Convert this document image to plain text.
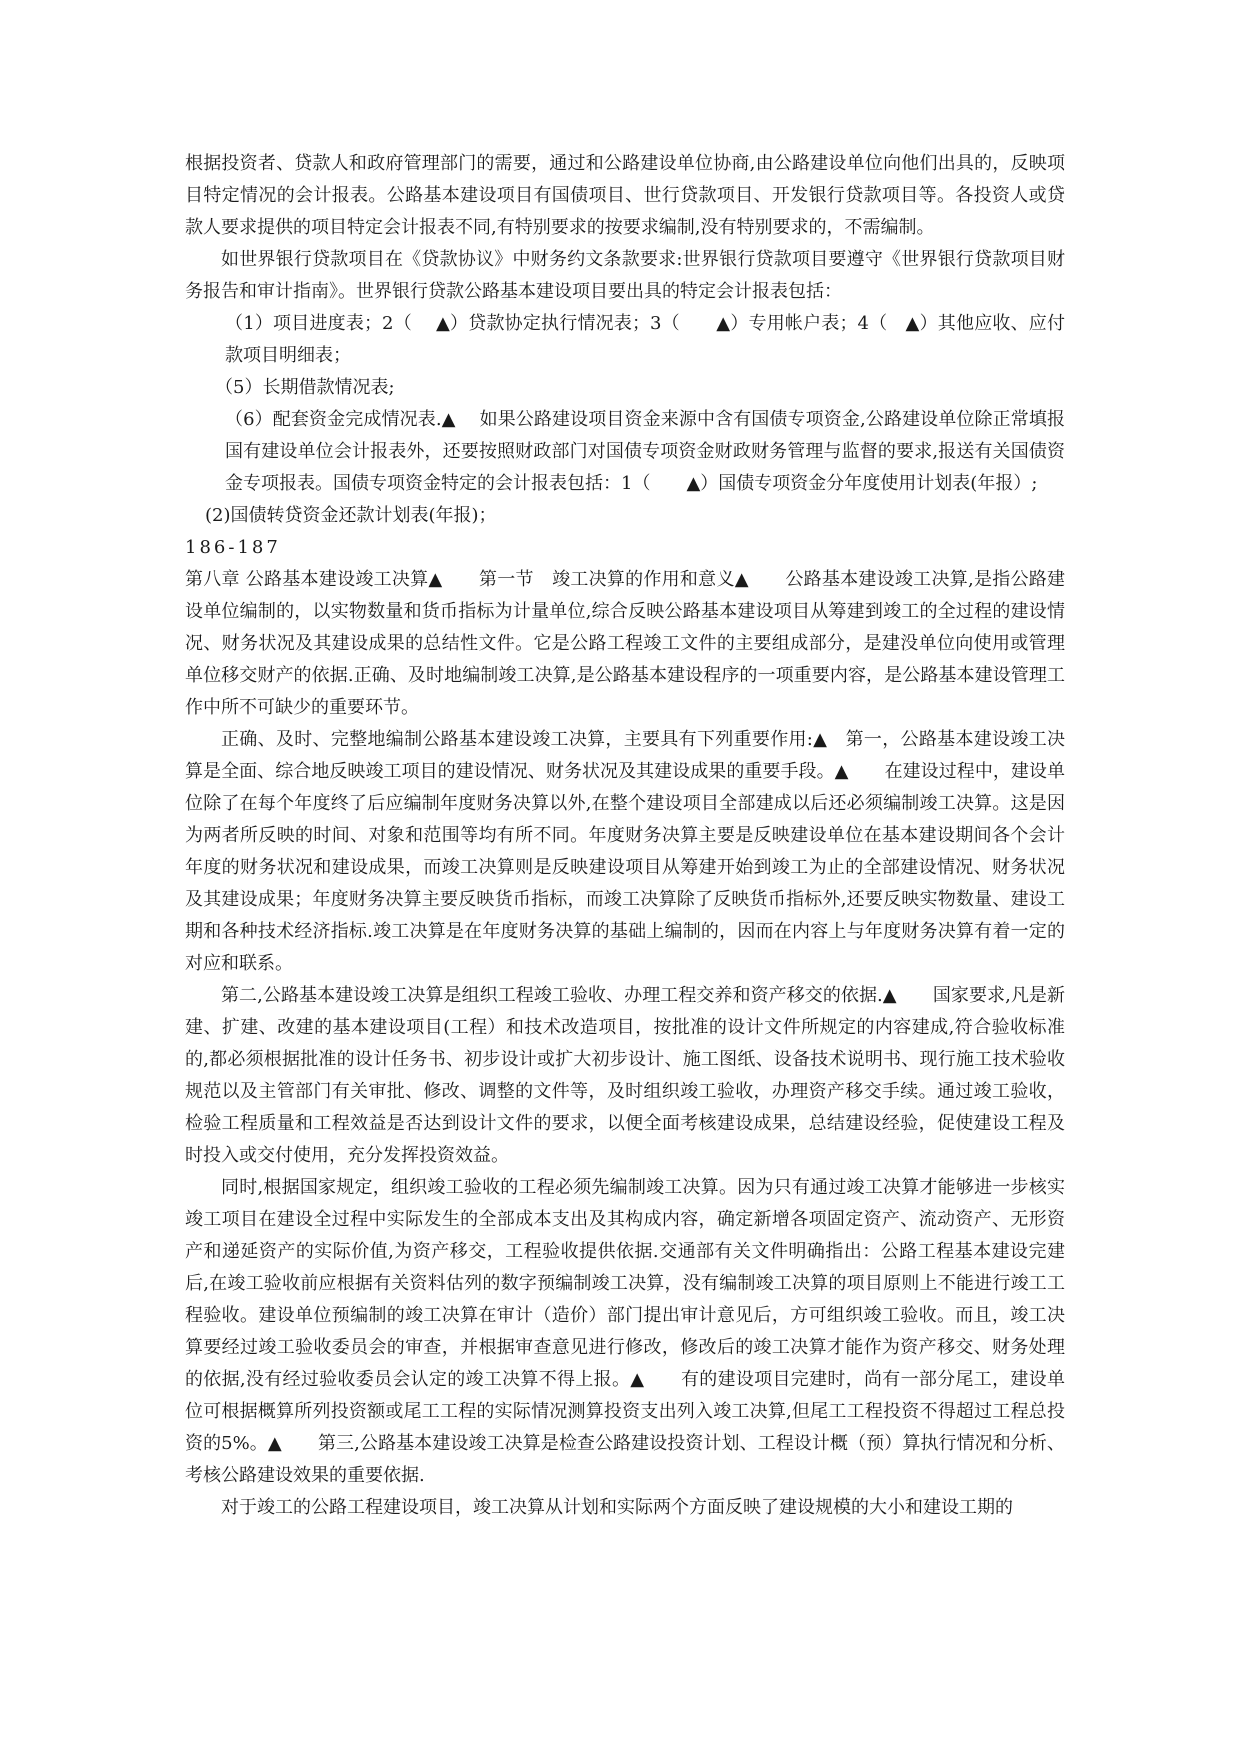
根据投资者、贷款人和政府管理部门的需要，通过和公路建设单位协商,由公路建设单位向他们出具的，反映项目特定情况的会计报表。公路基本建设项目有国债项目、世行贷款项目、开发银行贷款项目等。各投资人或贷款人要求提供的项目特定会计报表不同,有特别要求的按要求编制,没有特别要求的，不需编制。

如世界银行贷款项目在《贷款协议》中财务约文条款要求:世界银行贷款项目要遵守《世界银行贷款项目财务报告和审计指南》。世界银行贷款公路基本建设项目要出具的特定会计报表包括：

（1）项目进度表；2（　 ▲）贷款协定执行情况表；3（　　▲）专用帐户表；4（　▲）其他应收、应付款项目明细表；

（5）长期借款情况表;

（6）配套资金完成情况表.▲　 如果公路建设项目资金来源中含有国债专项资金,公路建设单位除正常填报国有建设单位会计报表外，还要按照财政部门对国债专项资金财政财务管理与监督的要求,报送有关国债资金专项报表。国债专项资金特定的会计报表包括：1（　　▲）国债专项资金分年度使用计划表(年报）;

(2)国债转贷资金还款计划表(年报)；

186-187

第八章 公路基本建设竣工决算▲　　第一节　竣工决算的作用和意义▲　　公路基本建设竣工决算,是指公路建设单位编制的，以实物数量和货币指标为计量单位,综合反映公路基本建设项目从筹建到竣工的全过程的建设情况、财务状况及其建设成果的总结性文件。它是公路工程竣工文件的主要组成部分，是建没单位向使用或管理单位移交财产的依据.正确、及时地编制竣工决算,是公路基本建设程序的一项重要内容，是公路基本建设管理工作中所不可缺少的重要环节。

正确、及时、完整地编制公路基本建设竣工决算，主要具有下列重要作用:▲　第一，公路基本建设竣工决算是全面、综合地反映竣工项目的建设情况、财务状况及其建设成果的重要手段。▲　　在建设过程中，建设单位除了在每个年度终了后应编制年度财务决算以外,在整个建设项目全部建成以后还必须编制竣工决算。这是因为两者所反映的时间、对象和范围等均有所不同。年度财务决算主要是反映建设单位在基本建设期间各个会计年度的财务状况和建设成果，而竣工决算则是反映建设项目从筹建开始到竣工为止的全部建设情况、财务状况及其建设成果；年度财务决算主要反映货币指标，而竣工决算除了反映货币指标外,还要反映实物数量、建设工期和各种技术经济指标.竣工决算是在年度财务决算的基础上编制的，因而在内容上与年度财务决算有着一定的对应和联系。

第二,公路基本建设竣工决算是组织工程竣工验收、办理工程交养和资产移交的依据.▲　　国家要求,凡是新建、扩建、改建的基本建设项目(工程）和技术改造项目，按批准的设计文件所规定的内容建成,符合验收标准的,都必须根据批准的设计任务书、初步设计或扩大初步设计、施工图纸、设备技术说明书、现行施工技术验收规范以及主管部门有关审批、修改、调整的文件等，及时组织竣工验收，办理资产移交手续。通过竣工验收，检验工程质量和工程效益是否达到设计文件的要求，以便全面考核建设成果，总结建设经验，促使建设工程及时投入或交付使用，充分发挥投资效益。

同时,根据国家规定，组织竣工验收的工程必须先编制竣工决算。因为只有通过竣工决算才能够进一步核实竣工项目在建设全过程中实际发生的全部成本支出及其构成内容，确定新增各项固定资产、流动资产、无形资产和递延资产的实际价值,为资产移交，工程验收提供依据.交通部有关文件明确指出：公路工程基本建设完建后,在竣工验收前应根据有关资料估列的数字预编制竣工决算，没有编制竣工决算的项目原则上不能进行竣工工程验收。建设单位预编制的竣工决算在审计（造价）部门提出审计意见后，方可组织竣工验收。而且，竣工决算要经过竣工验收委员会的审查，并根据审查意见进行修改，修改后的竣工决算才能作为资产移交、财务处理的依据,没有经过验收委员会认定的竣工决算不得上报。▲　　有的建设项目完建时，尚有一部分尾工，建设单位可根据概算所列投资额或尾工工程的实际情况测算投资支出列入竣工决算,但尾工工程投资不得超过工程总投资的5%。▲　　第三,公路基本建设竣工决算是检查公路建设投资计划、工程设计概（预）算执行情况和分析、考核公路建设效果的重要依据.

对于竣工的公路工程建设项目，竣工决算从计划和实际两个方面反映了建设规模的大小和建设工期的
